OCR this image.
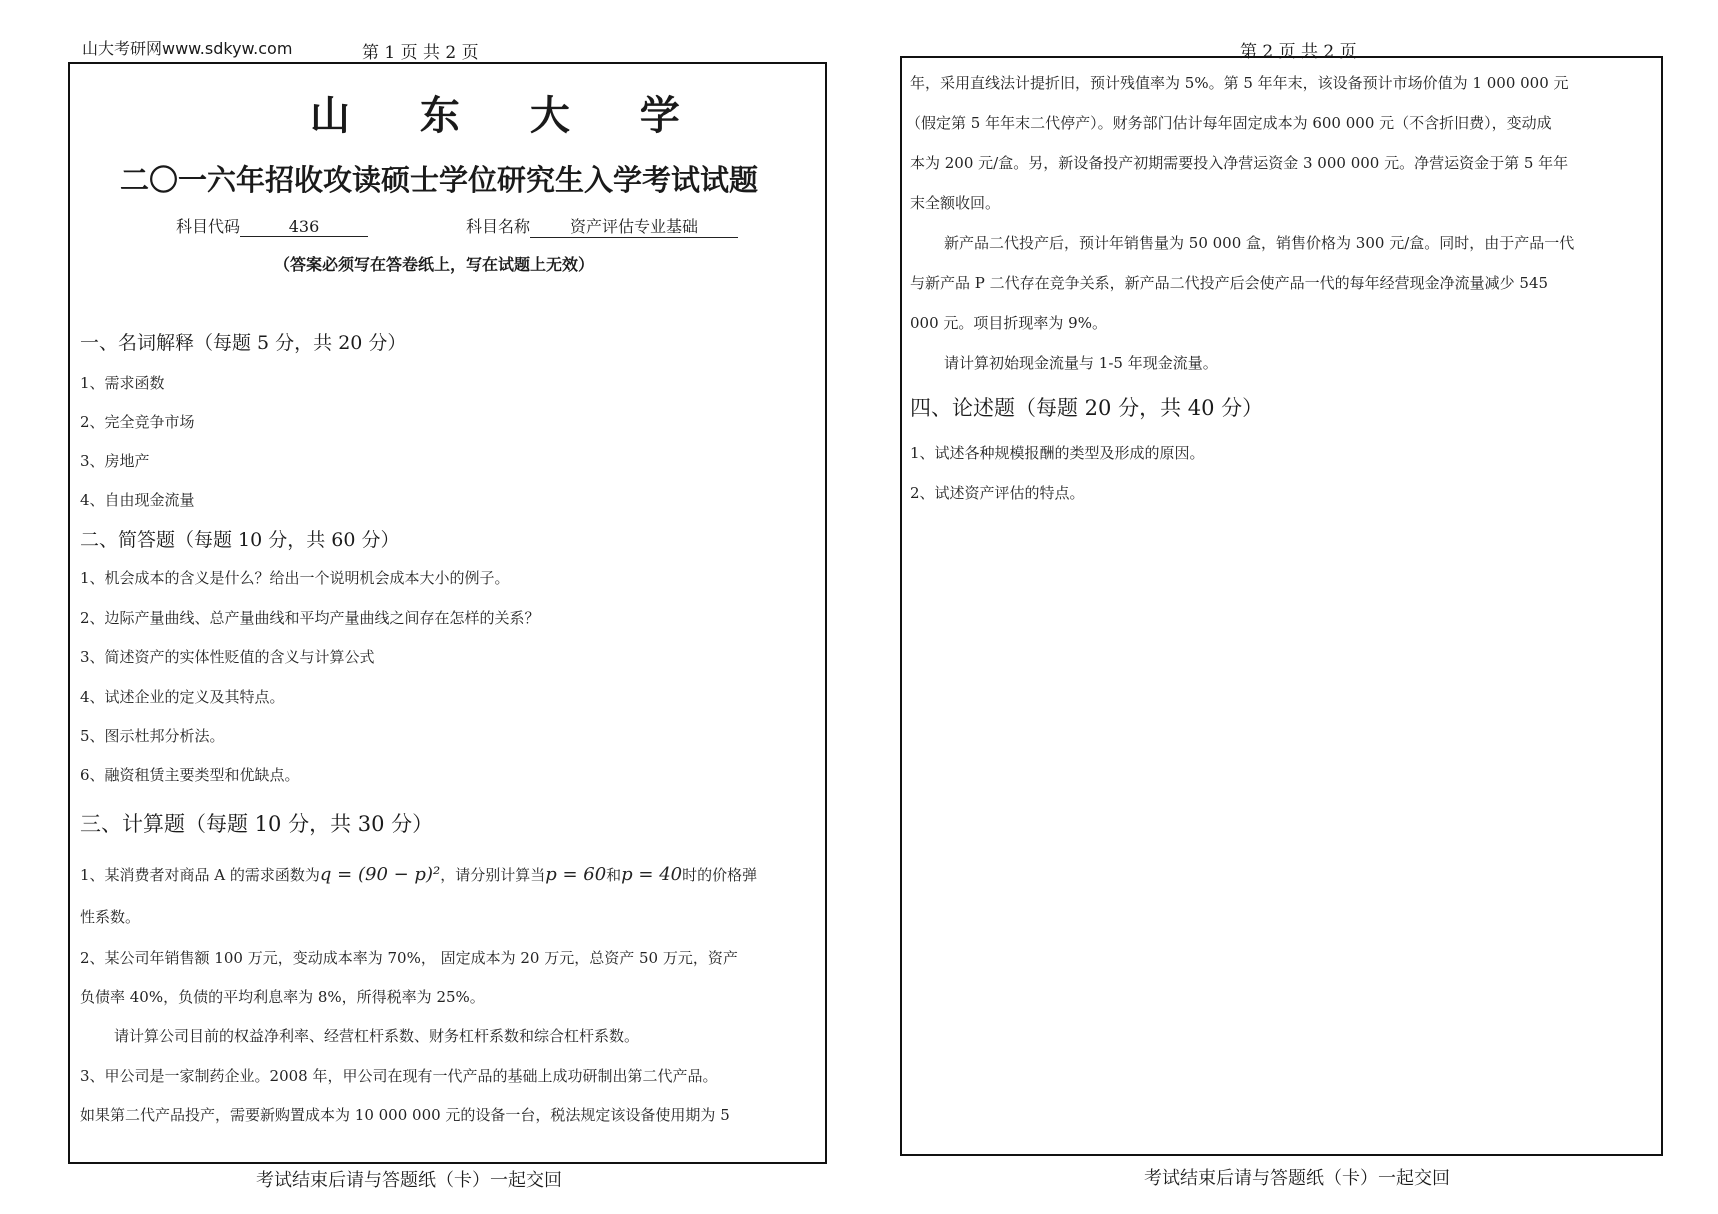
山大考研网www.sdkyw.com	第 1 页 共 2 页
山 东 大 学
二〇一六年招收攻读硕士学位研究生入学考试试题
科目代码	436	科目名称 资产评估专业基础
（答案必须写在答卷纸上，写在试题上无效）
一、名词解释（每题 5 分，共 20 分）
1、需求函数
2、完全竞争市场
3、房地产
4、自由现金流量
二、简答题（每题 10 分，共 60 分）
1、机会成本的含义是什么？给出一个说明机会成本大小的例子。
2、边际产量曲线、总产量曲线和平均产量曲线之间存在怎样的关系？
3、简述资产的实体性贬值的含义与计算公式
4、试述企业的定义及其特点。
5、图示杜邦分析法。
6、融资租赁主要类型和优缺点。
三、计算题（每题 10 分，共 30 分）
1、某消费者对商品 A 的需求函数为q = (90 − p)²，请分别计算当p = 60和p = 40时的价格弹
性系数。
2、某公司年销售额 100 万元，变动成本率为 70%， 固定成本为 20 万元，总资产 50 万元，资产
负债率 40%，负债的平均利息率为 8%，所得税率为 25%。
请计算公司目前的权益净利率、经营杠杆系数、财务杠杆系数和综合杠杆系数。
3、甲公司是一家制药企业。2008 年，甲公司在现有一代产品的基础上成功研制出第二代产品。
如果第二代产品投产，需要新购置成本为 10 000 000 元的设备一台，税法规定该设备使用期为 5
考试结束后请与答题纸（卡）一起交回
第 2 页 共 2 页
年，采用直线法计提折旧，预计残值率为 5%。第 5 年年末，该设备预计市场价值为 1 000 000 元
（假定第 5 年年末二代停产）。财务部门估计每年固定成本为 600 000 元（不含折旧费），变动成
本为 200 元/盒。另，新设备投产初期需要投入净营运资金 3 000 000 元。净营运资金于第 5 年年
末全额收回。
新产品二代投产后，预计年销售量为 50 000 盒，销售价格为 300 元/盒。同时，由于产品一代
与新产品 P 二代存在竞争关系，新产品二代投产后会使产品一代的每年经营现金净流量减少 545
000 元。项目折现率为 9%。
请计算初始现金流量与 1-5 年现金流量。
四、论述题（每题 20 分，共 40 分）
1、试述各种规模报酬的类型及形成的原因。
2、试述资产评估的特点。
考试结束后请与答题纸（卡）一起交回
